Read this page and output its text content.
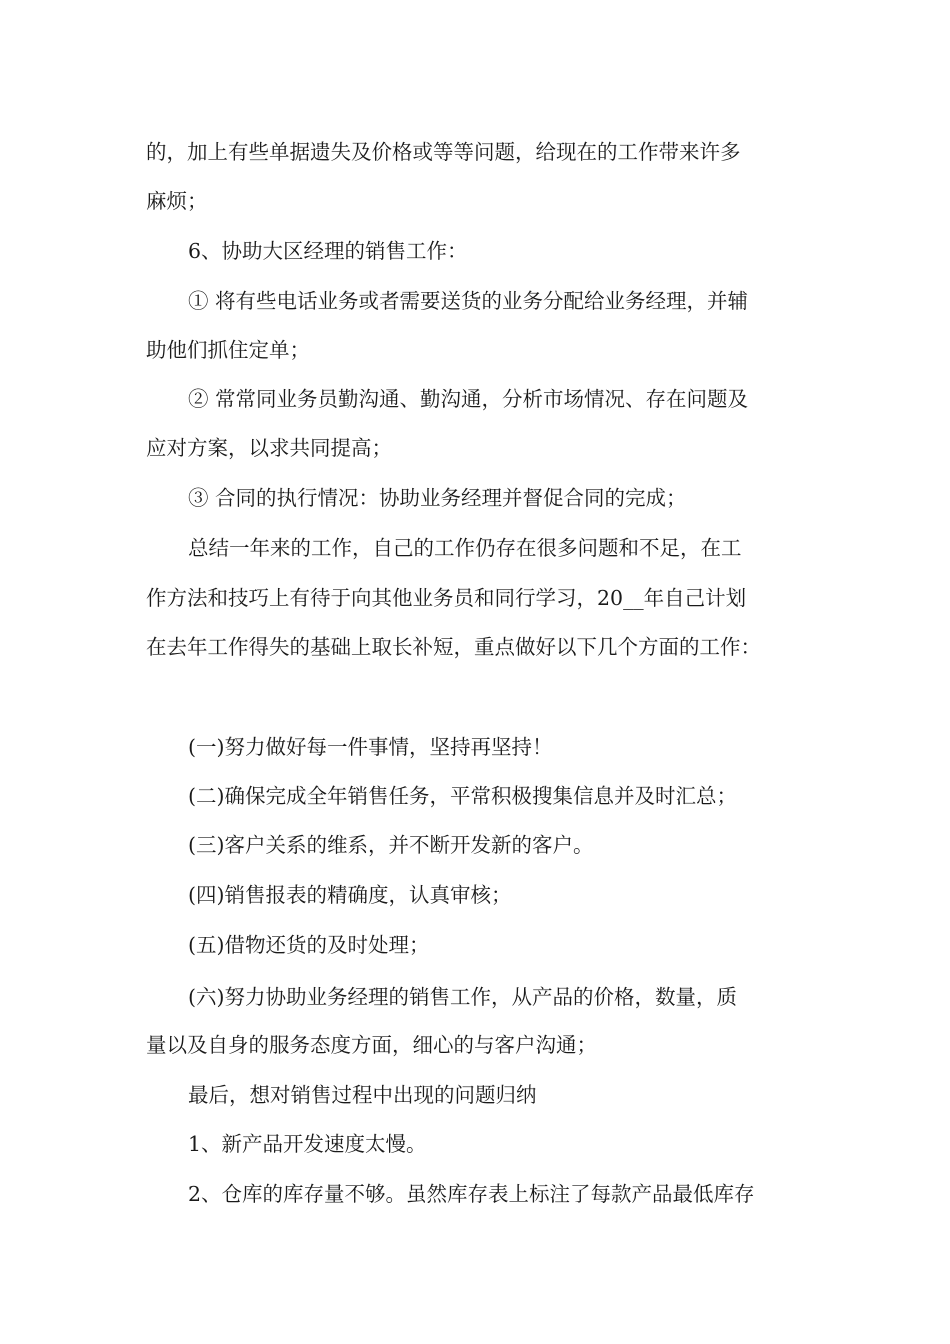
的，加上有些单据遗失及价格或等等问题，给现在的工作带来许多
麻烦；
6、协助大区经理的销售工作：
① 将有些电话业务或者需要送货的业务分配给业务经理，并辅
助他们抓住定单；
② 常常同业务员勤沟通、勤沟通，分析市场情况、存在问题及
应对方案，以求共同提高；
③ 合同的执行情况：协助业务经理并督促合同的完成；
总结一年来的工作，自己的工作仍存在很多问题和不足，在工
作方法和技巧上有待于向其他业务员和同行学习，20__年自己计划
在去年工作得失的基础上取长补短，重点做好以下几个方面的工作：
(一)努力做好每一件事情，坚持再坚持！
(二)确保完成全年销售任务，平常积极搜集信息并及时汇总；
(三)客户关系的维系，并不断开发新的客户。
(四)销售报表的精确度，认真审核；
(五)借物还货的及时处理；
(六)努力协助业务经理的销售工作，从产品的价格，数量，质
量以及自身的服务态度方面，细心的与客户沟通；
最后，想对销售过程中出现的问题归纳
1、新产品开发速度太慢。
2、仓库的库存量不够。虽然库存表上标注了每款产品最低库存
